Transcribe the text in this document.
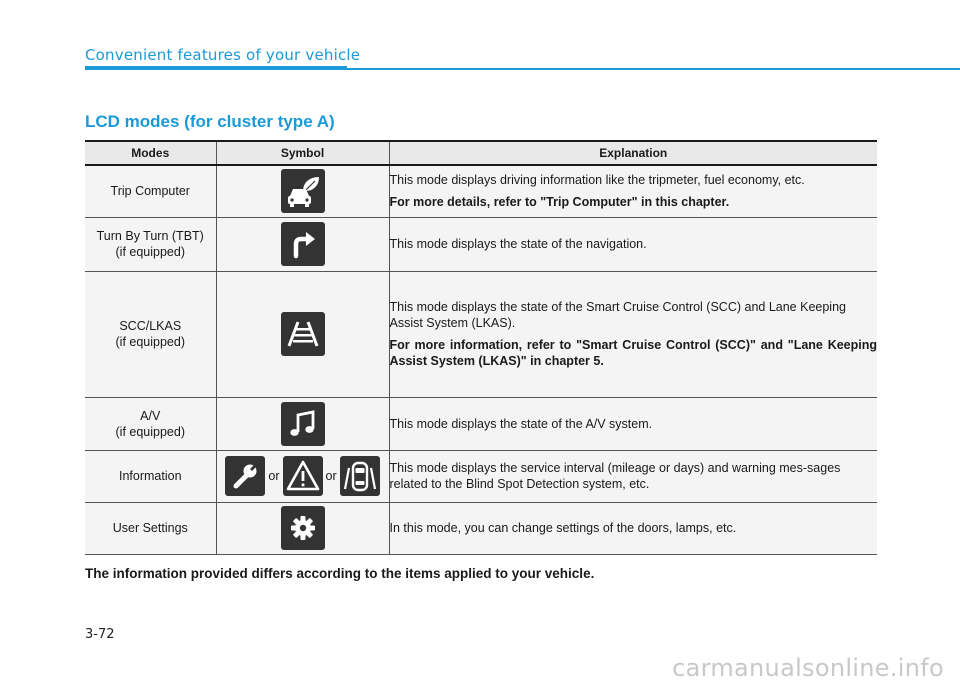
Convenient features of your vehicle
LCD modes (for cluster type A)
Modes	Symbol	Explanation
Trip Computer		This mode displays driving information like the tripmeter, fuel economy, etc.
For more details, refer to "Trip Computer" in this chapter.

Turn By Turn (TBT)
(if equipped)		This mode displays the state of the navigation.
SCC/LKAS
(if equipped)		This mode displays the state of the Smart Cruise Control (SCC) and Lane Keeping Assist System (LKAS).
For more information, refer to "Smart Cruise Control (SCC)" and "Lane Keeping Assist System (LKAS)" in chapter 5.

A/V
(if equipped)		This mode displays the state of the A/V system.
Information	or or	This mode displays the service interval (mileage or days) and warning mes-sages related to the Blind Spot Detection system, etc.
User Settings		In this mode, you can change settings of the doors, lamps, etc.
The information provided differs according to the items applied to your vehicle.
3-72
carmanualsonline.info
